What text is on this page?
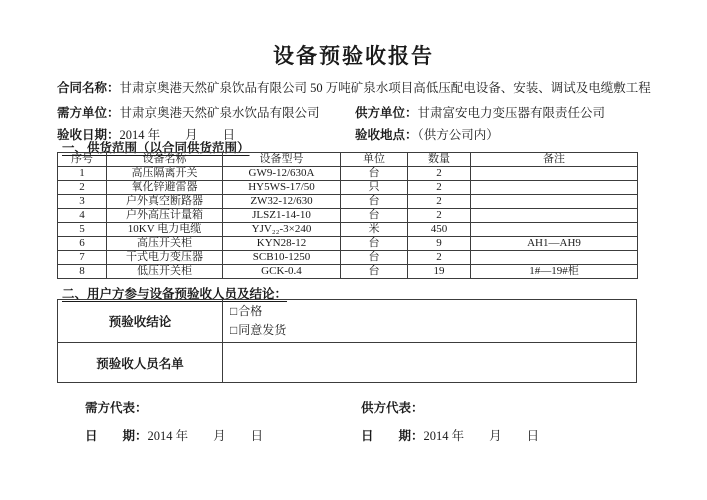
设备预验收报告
合同名称：甘肃京奥港天然矿泉饮品有限公司 50 万吨矿泉水项目高低压配电设备、安装、调试及电缆敷工程
需方单位：甘肃京奥港天然矿泉水饮品有限公司	供方单位：甘肃富安电力变压器有限责任公司
验收日期：2014 年　　月　　日	验收地点：（供方公司内）
一、供货范围（以合同供货范围）
序号	设备名称	设备型号	单位	数量	备注
1	高压隔离开关	GW9-12/630A	台	2	
2	氧化锌避雷器	HY5WS-17/50	只	2	
3	户外真空断路器	ZW32-12/630	台	2	
4	户外高压计量箱	JLSZ1-14-10	台	2	
5	10KV 电力电缆	YJV₂₂-3×240	米	450	
6	高压开关柜	KYN28-12	台	9	AH1—AH9
7	干式电力变压器	SCB10-1250	台	2	
8	低压开关柜	GCK-0.4	台	19	1#—19#柜
二、用户方参与设备预验收人员及结论：
预验收结论	□合格
□同意发货

预验收人员名单	
需方代表：	供方代表：
日　　期：2014 年　　月　　日	日　　期：2014 年　　月　　日
